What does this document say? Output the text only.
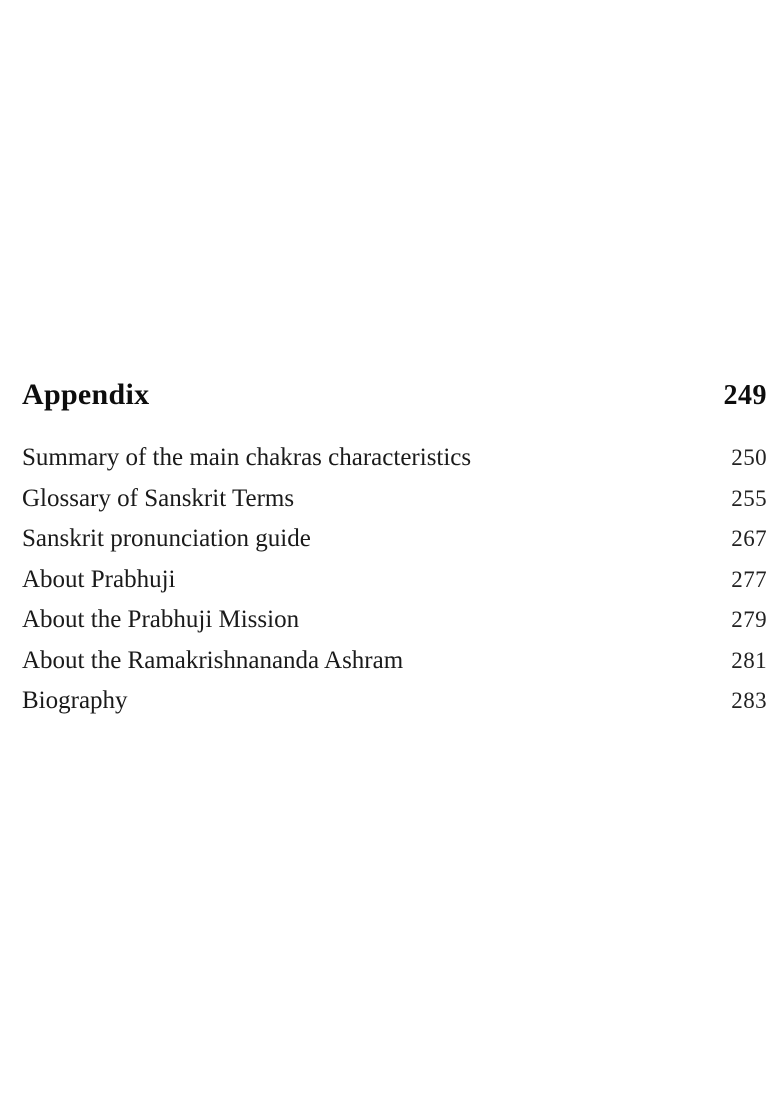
Appendix	249
Summary of the main chakras characteristics	250
Glossary of Sanskrit Terms	255
Sanskrit pronunciation guide	267
About Prabhuji	277
About the Prabhuji Mission	279
About the Ramakrishnananda Ashram	281
Biography	283
